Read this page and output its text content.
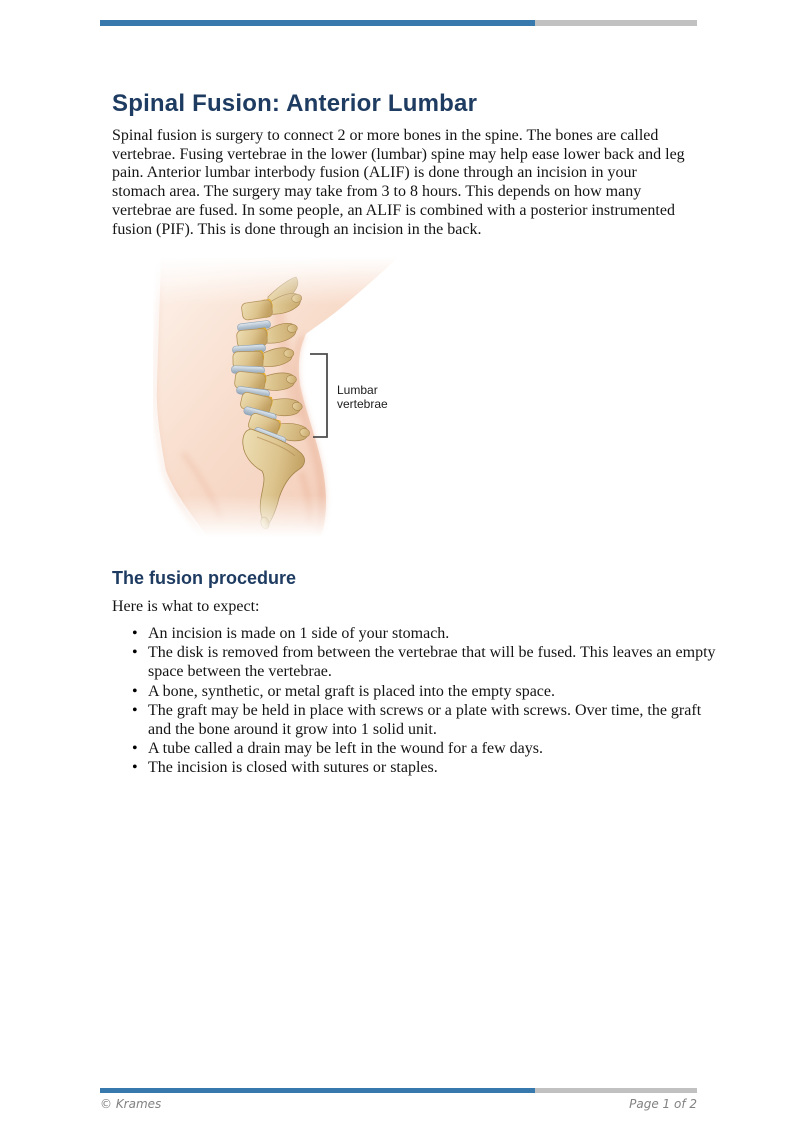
Spinal Fusion: Anterior Lumbar

Spinal fusion is surgery to connect 2 or more bones in the spine. The bones are called vertebrae. Fusing vertebrae in the lower (lumbar) spine may help ease lower back and leg pain. Anterior lumbar interbody fusion (ALIF) is done through an incision in your stomach area. The surgery may take from 3 to 8 hours. This depends on how many vertebrae are fused. In some people, an ALIF is combined with a posterior instrumented fusion (PIF). This is done through an incision in the back.

Lumbar
vertebrae
The fusion procedure

Here is what to expect:

• An incision is made on 1 side of your stomach.
• The disk is removed from between the vertebrae that will be fused. This leaves an empty space between the vertebrae.
• A bone, synthetic, or metal graft is placed into the empty space.
• The graft may be held in place with screws or a plate with screws. Over time, the graft and the bone around it grow into 1 solid unit.
• A tube called a drain may be left in the wound for a few days.
• The incision is closed with sutures or staples.
© Krames	Page 1 of 2
